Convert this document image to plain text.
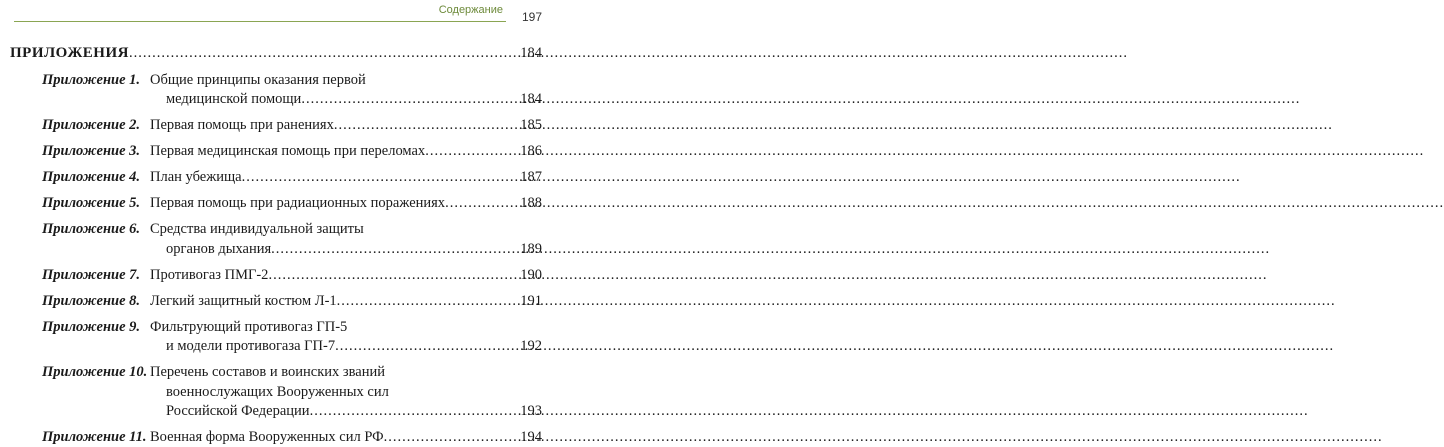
Содержание 197
ПРИЛОЖЕНИЯ .....	184
Приложение 1. Общие принципы оказания первой
медицинской помощи .....	184
Приложение 2. Первая помощь при ранениях .....	185
Приложение 3. Первая медицинская помощь при переломах .....	186
Приложение 4. План убежища .....	187
Приложение 5. Первая помощь при радиационных поражениях .....	188
Приложение 6. Средства индивидуальной защиты
органов дыхания .....	189
Приложение 7. Противогаз ПМГ-2 .....	190
Приложение 8. Легкий защитный костюм Л-1 .....	191
Приложение 9. Фильтрующий противогаз ГП-5
и модели противогаза ГП-7 .....	192
Приложение 10. Перечень составов и воинских званий
военнослужащих Вооруженных сил
Российской Федерации .....	193
Приложение 11. Военная форма Вооруженных сил РФ .....	194
